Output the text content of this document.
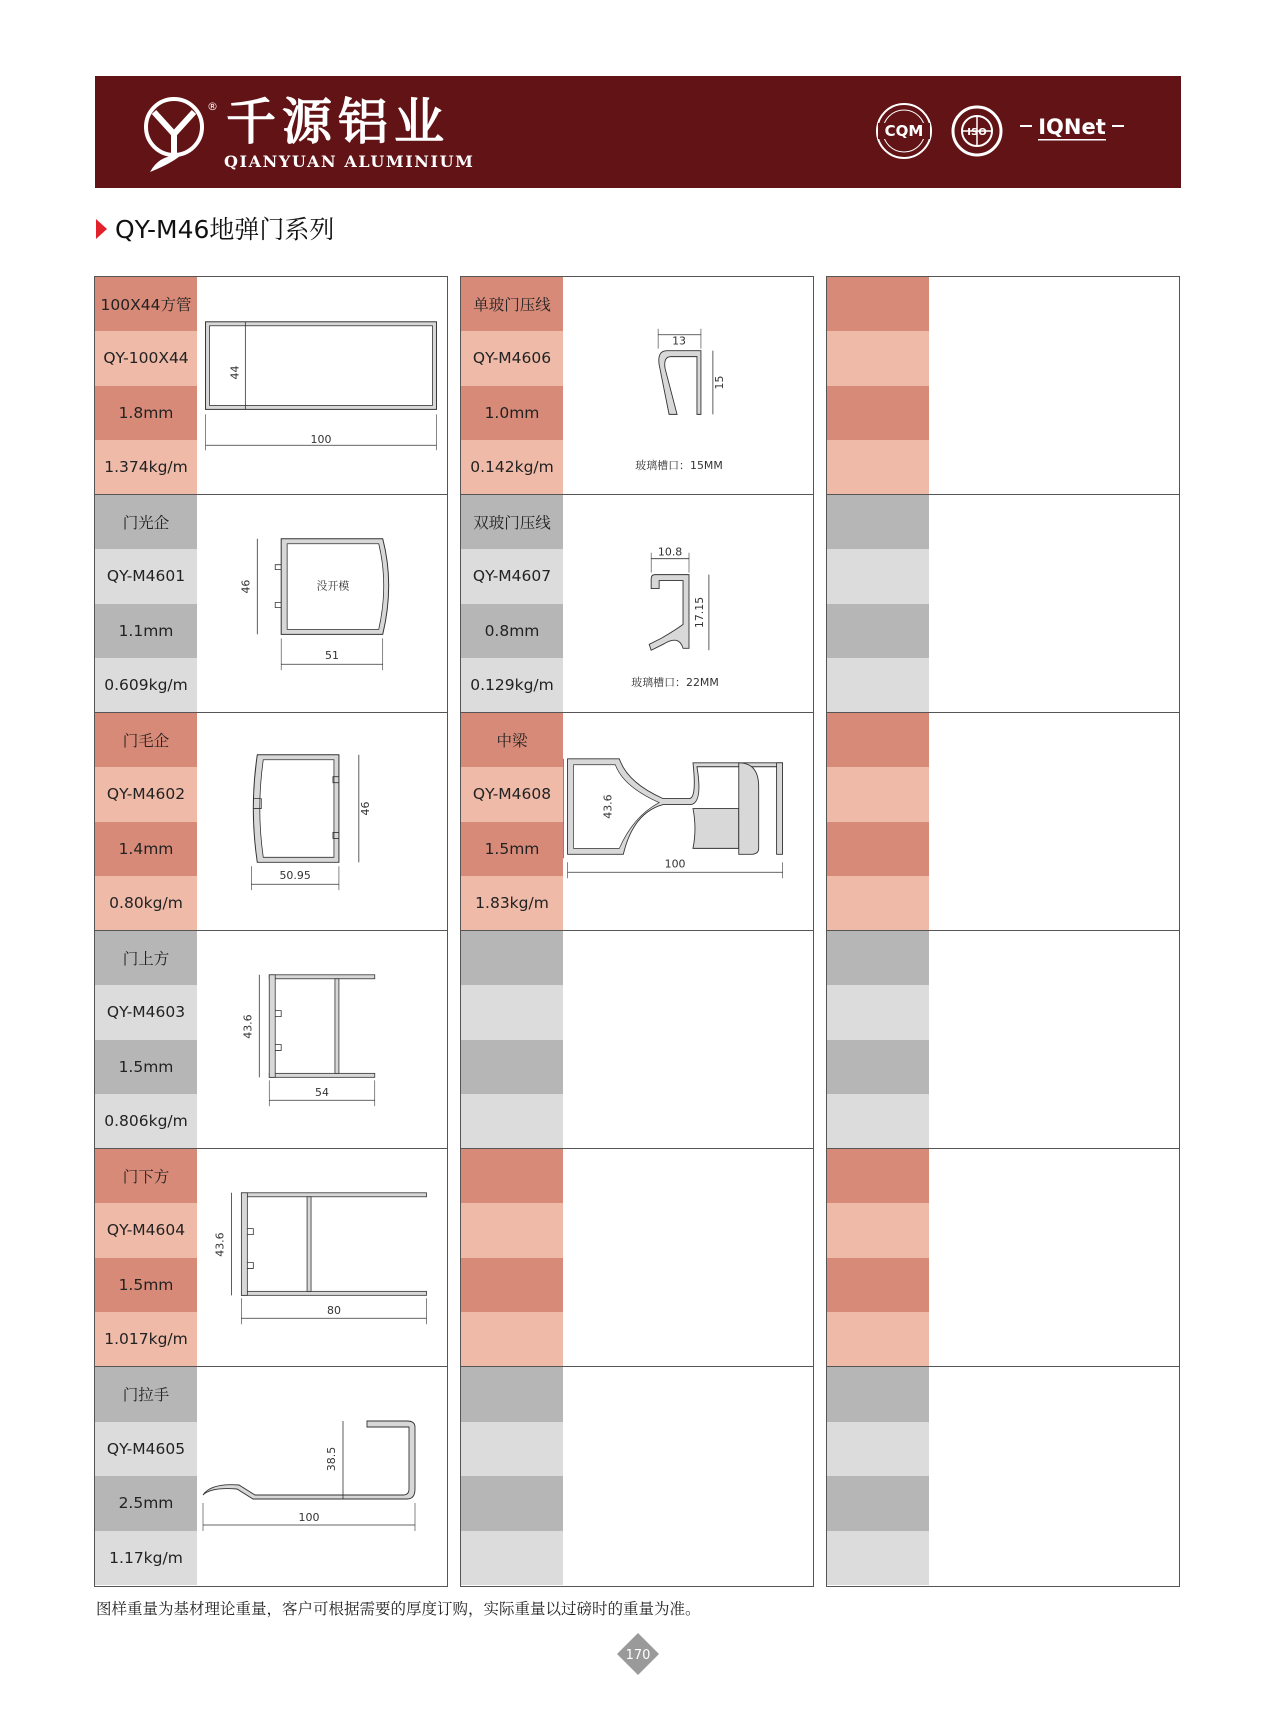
® 千源铝业
QIANYUAN ALUMINIUM
CQM	ISO IQNet
QY-M46地弹门系列
100X44方管
QY-100X44
1.8mm
1.374kg/m
44
100
门光企
QY-M4601
1.1mm
0.609kg/m
没开模
46
51
门毛企
QY-M4602
1.4mm
0.80kg/m
46
50.95
门上方
QY-M4603
1.5mm
0.806kg/m
43.6
54
门下方
QY-M4604
1.5mm
1.017kg/m
43.6
80
门拉手
QY-M4605
2.5mm
1.17kg/m
38.5
100
单玻门压线
QY-M4606
1.0mm
0.142kg/m
13
15
玻璃槽口：15MM
双玻门压线
QY-M4607
0.8mm
0.129kg/m
10.8
17.15
玻璃槽口：22MM
中梁
QY-M4608
1.5mm
1.83kg/m
43.6
100
图样重量为基材理论重量，客户可根据需要的厚度订购，实际重量以过磅时的重量为准。
170
